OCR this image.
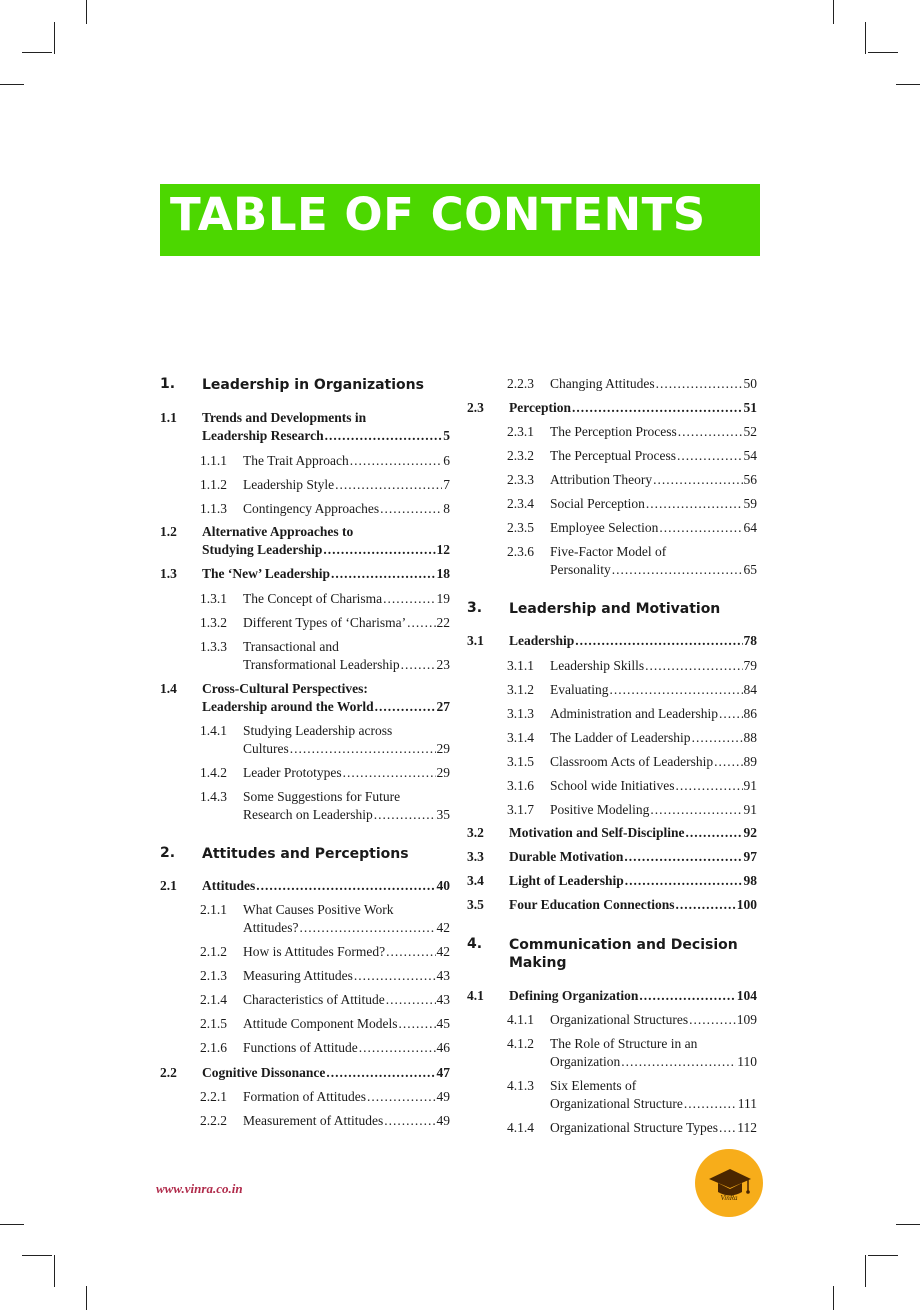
TABLE OF CONTENTS
1. Leadership in Organizations
1.1 Trends and Developments in
Leadership Research .....	5
1.1.1 The Trait Approach .....	6
1.1.2 Leadership Style .....	7
1.1.3 Contingency Approaches .....	8
1.2 Alternative Approaches to
Studying Leadership .....	12
1.3 The ‘New’ Leadership .....	18
1.3.1 The Concept of Charisma .....	19
1.3.2 Different Types of ‘Charisma’ ..... 22
1.3.3 Transactional and
Transformational Leadership .....	23
1.4 Cross-Cultural Perspectives:
Leadership around the World .....	27
1.4.1 Studying Leadership across
Cultures .....	29
1.4.2 Leader Prototypes .....	29
1.4.3 Some Suggestions for Future
Research on Leadership .....	35
2. Attitudes and Perceptions
2.1 Attitudes .....	40
2.1.1 What Causes Positive Work
Attitudes? .....	42
2.1.2 How is Attitudes Formed? .....	42
2.1.3 Measuring Attitudes .....	43
2.1.4 Characteristics of Attitude .....	43
2.1.5 Attitude Component Models .....	45
2.1.6 Functions of Attitude .....	46
2.2 Cognitive Dissonance .....	47
2.2.1 Formation of Attitudes .....	49
2.2.2 Measurement of Attitudes .....	49
2.2.3 Changing Attitudes .....	50
2.3 Perception .....	51
2.3.1 The Perception Process .....	52
2.3.2 The Perceptual Process .....	54
2.3.3 Attribution Theory .....	56
2.3.4 Social Perception .....	59
2.3.5 Employee Selection .....	64
2.3.6 Five-Factor Model of
Personality .....	65
3. Leadership and Motivation
3.1 Leadership .....	78
3.1.1 Leadership Skills .....	79
3.1.2 Evaluating .....	84
3.1.3 Administration and Leadership ..... 86
3.1.4 The Ladder of Leadership .....	88
3.1.5 Classroom Acts of Leadership ..... 89
3.1.6 School wide Initiatives .....	91
3.1.7 Positive Modeling .....	91
3.2 Motivation and Self-Discipline .....	92
3.3 Durable Motivation .....	97
3.4 Light of Leadership .....	98
3.5 Four Education Connections .....	100
4. Communication and Decision
Making
4.1 Defining Organization .....	104
4.1.1 Organizational Structures .....	109
4.1.2 The Role of Structure in an
Organization .....	110
4.1.3 Six Elements of
Organizational Structure .....	111
4.1.4 Organizational Structure Types ..... 112
www.vinra.co.in
VinRa
